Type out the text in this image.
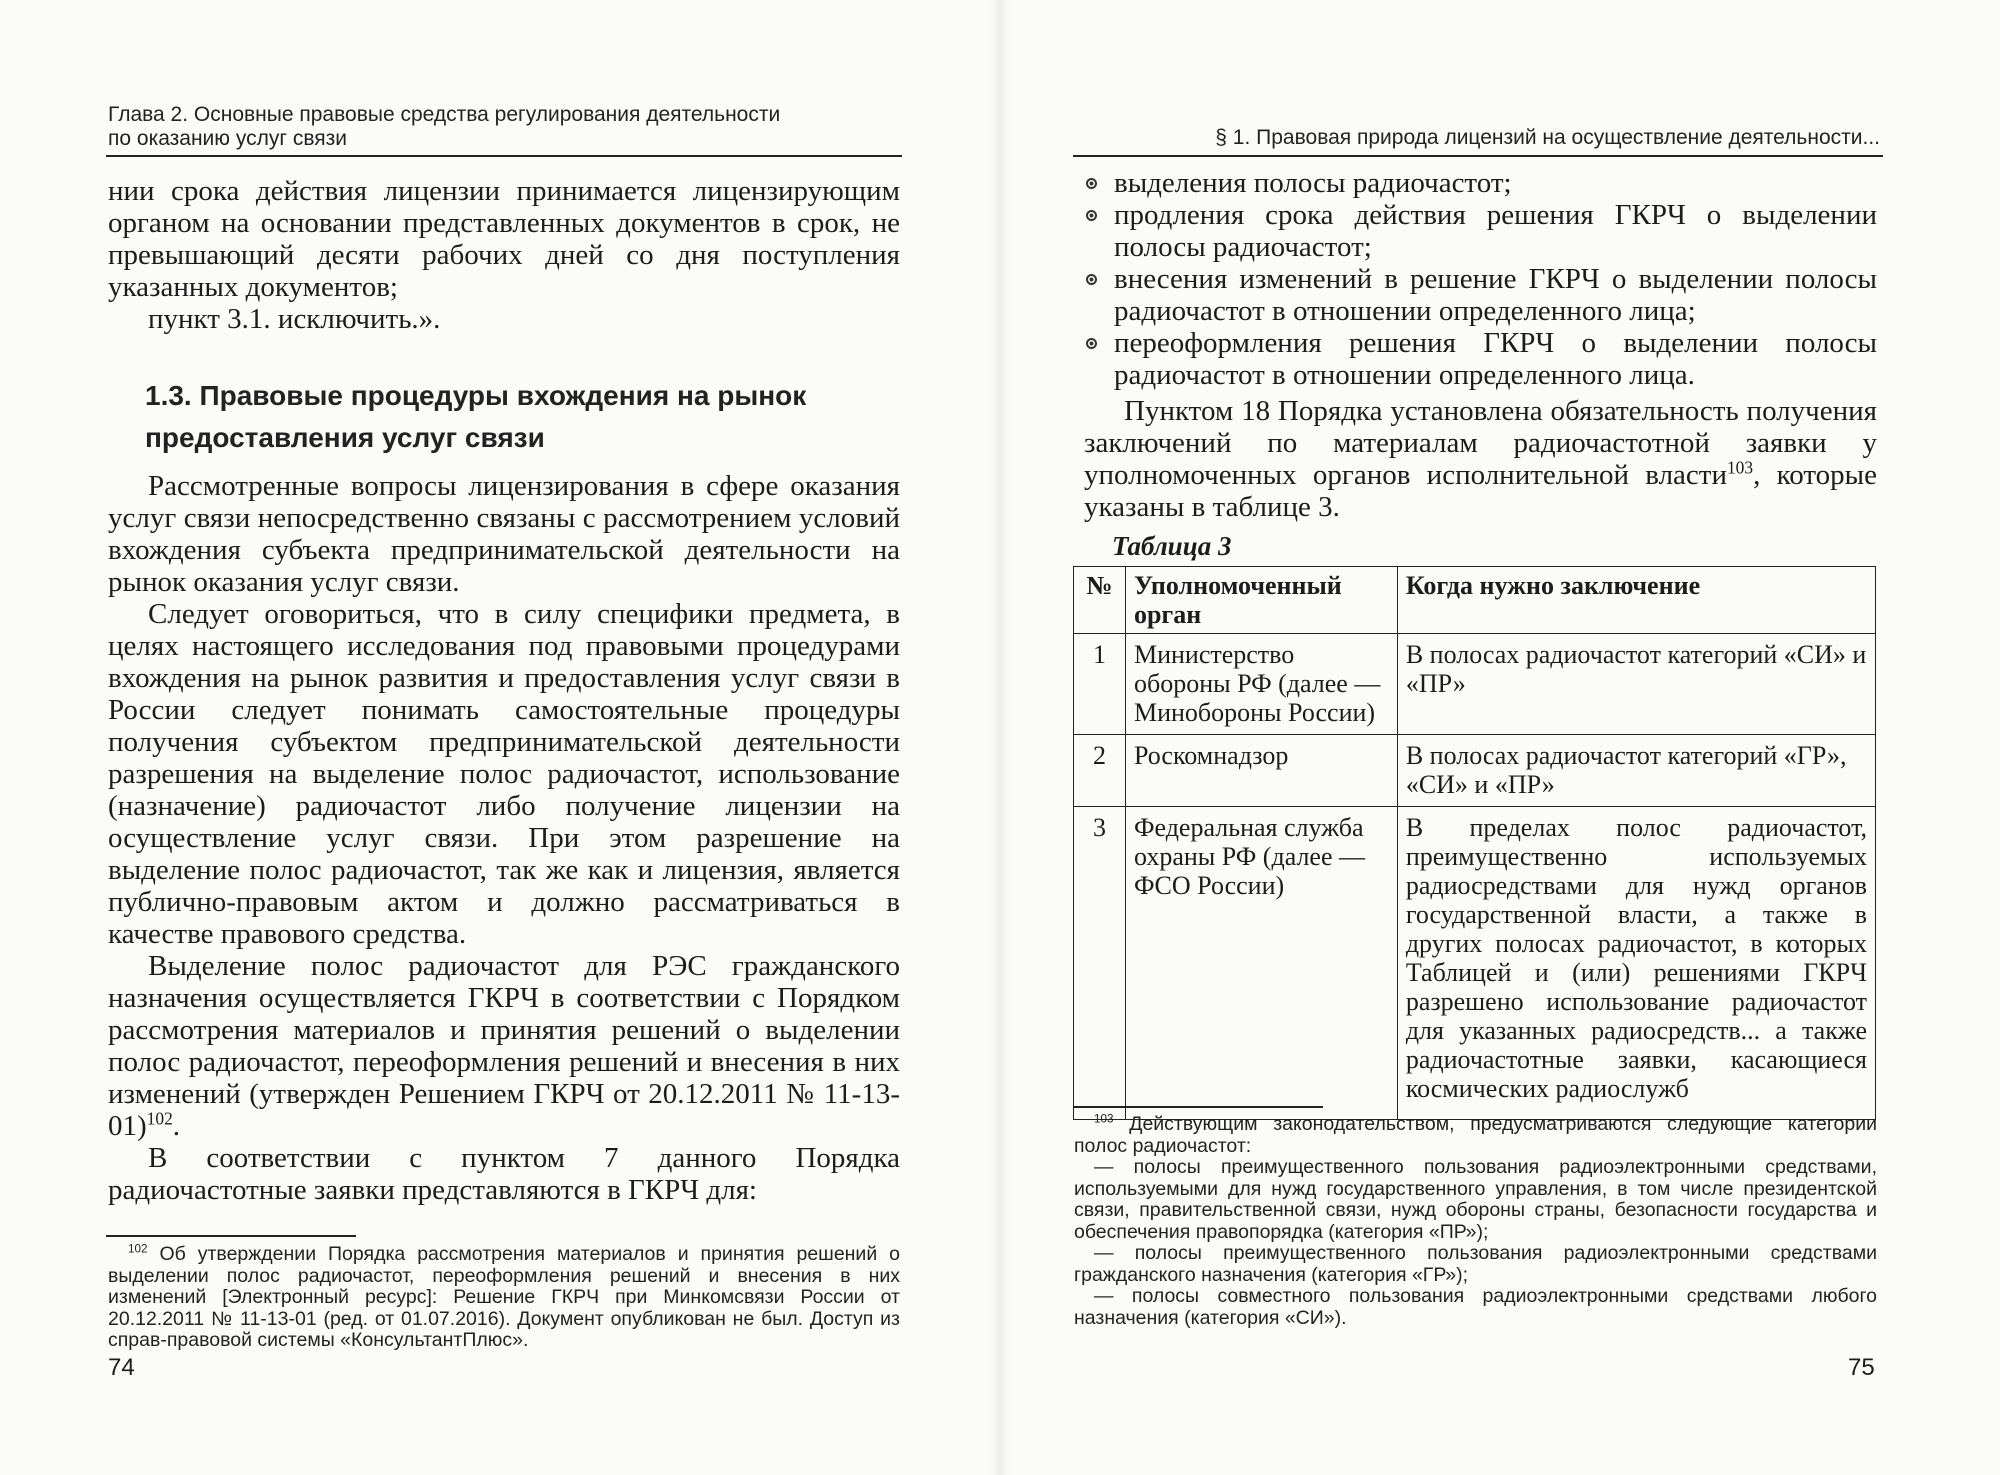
Глава 2. Основные правовые средства регулирования деятельности по оказанию услуг связи

нии срока действия лицензии принимается лицензирующим органом на основании представленных документов в срок, не превышающий десяти рабочих дней со дня поступления указанных документов;

пункт 3.1. исключить.».

1.3. Правовые процедуры вхождения на рынок предоставления услуг связи

Рассмотренные вопросы лицензирования в сфере оказания услуг связи непосредственно связаны с рассмотрением условий вхождения субъекта предпринимательской деятельности на рынок оказания услуг связи.

Следует оговориться, что в силу специфики предмета, в целях настоящего исследования под правовыми процедурами вхождения на рынок развития и предоставления услуг связи в России следует понимать самостоятельные процедуры получения субъектом предпринимательской деятельности разрешения на выделение полос радиочастот, использование (назначение) радиочастот либо получение лицензии на осуществление услуг связи. При этом разрешение на выделение полос радиочастот, так же как и лицензия, является публично-правовым актом и должно рассматриваться в качестве правового средства.

Выделение полос радиочастот для РЭС гражданского назначения осуществляется ГКРЧ в соответствии с Порядком рассмотрения материалов и принятия решений о выделении полос радиочастот, переоформления решений и внесения в них изменений (утвержден Решением ГКРЧ от 20.12.2011 № 11-13-01)$^{102}$.

В соответствии с пунктом 7 данного Порядка радиочастотные заявки представляются в ГКРЧ для:

$^{102}$ Об утверждении Порядка рассмотрения материалов и принятия решений о выделении полос радиочастот, переоформления решений и внесения в них изменений [Электронный ресурс]: Решение ГКРЧ при Минкомсвязи России от 20.12.2011 № 11-13-01 (ред. от 01.07.2016). Документ опубликован не был. Доступ из справ-правовой системы «КонсультантПлюс».

74
§ 1. Правовая природа лицензий на осуществление деятельности...
выделения полосы радиочастот;
продления срока действия решения ГКРЧ о выделении полосы радиочастот;
внесения изменений в решение ГКРЧ о выделении полосы радиочастот в отношении определенного лица;
переоформления решения ГКРЧ о выделении полосы радиочастот в отношении определенного лица.

Пунктом 18 Порядка установлена обязательность получения заключений по материалам радиочастотной заявки у уполномоченных органов исполнительной власти$^{103}$, которые указаны в таблице 3.

Таблица 3
№	Уполномоченный орган	Когда нужно заключение
1	Министерство обороны РФ (далее — Минобороны России)	В полосах радиочастот категорий «СИ» и «ПР»
2	Роскомнадзор	В полосах радиочастот категорий «ГР», «СИ» и «ПР»
3	Федеральная служба охраны РФ (далее — ФСО России)	В пределах полос радиочастот, преимущественно используемых радиосредствами для нужд органов государственной власти, а также в других полосах радиочастот, в которых Таблицей и (или) решениями ГКРЧ разрешено использование радиочастот для указанных радиосредств... а также радиочастотные заявки, касающиеся космических радиослужб

$^{103}$ Действующим законодательством, предусматриваются следующие категории полос радиочастот:

— полосы преимущественного пользования радиоэлектронными средствами, используемыми для нужд государственного управления, в том числе президентской связи, правительственной связи, нужд обороны страны, безопасности государства и обеспечения правопорядка (категория «ПР»);

— полосы преимущественного пользования радиоэлектронными средствами гражданского назначения (категория «ГР»);

— полосы совместного пользования радиоэлектронными средствами любого назначения (категория «СИ»).

75
